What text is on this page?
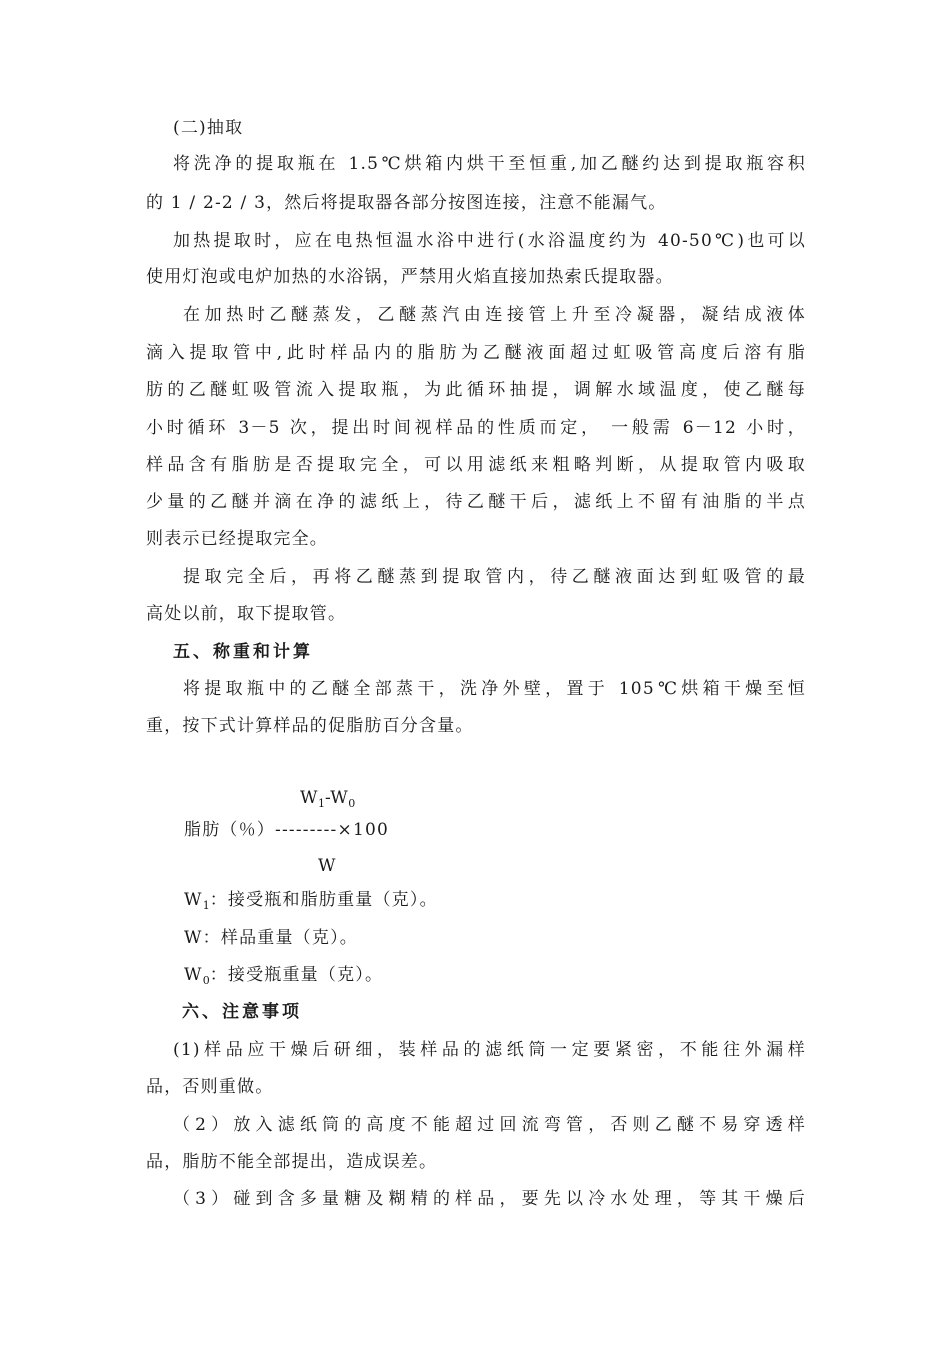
(二)抽取
将洗净的提取瓶在 1.5℃烘箱内烘干至恒重,加乙醚约达到提取瓶容积
的 1 / 2-2 / 3，然后将提取器各部分按图连接，注意不能漏气。
加热提取时，应在电热恒温水浴中进行(水浴温度约为 40-50℃)也可以
使用灯泡或电炉加热的水浴锅，严禁用火焰直接加热索氏提取器。
在加热时乙醚蒸发，乙醚蒸汽由连接管上升至冷凝器，凝结成液体
滴入提取管中,此时样品内的脂肪为乙醚液面超过虹吸管高度后溶有脂
肪的乙醚虹吸管流入提取瓶，为此循环抽提，调解水域温度，使乙醚每
小时循环 3－5 次，提出时间视样品的性质而定， 一般需 6－12 小时，
样品含有脂肪是否提取完全，可以用滤纸来粗略判断，从提取管内吸取
少量的乙醚并滴在净的滤纸上，待乙醚干后，滤纸上不留有油脂的半点
则表示已经提取完全。
提取完全后，再将乙醚蒸到提取管内，待乙醚液面达到虹吸管的最
高处以前，取下提取管。
五、称重和计算
将提取瓶中的乙醚全部蒸干，洗净外壁，置于 105℃烘箱干燥至恒
重，按下式计算样品的促脂肪百分含量。
$W_1-W_0$
脂肪（％）---------×100
W
$W_1$：接受瓶和脂肪重量（克）。
W：样品重量（克）。
$W_0$：接受瓶重量（克）。
六、注意事项
(1)样品应干燥后研细，装样品的滤纸筒一定要紧密，不能往外漏样
品，否则重做。
（2）放入滤纸筒的高度不能超过回流弯管，否则乙醚不易穿透样
品，脂肪不能全部提出，造成误差。
（3）碰到含多量糖及糊精的样品，要先以冷水处理，等其干燥后
